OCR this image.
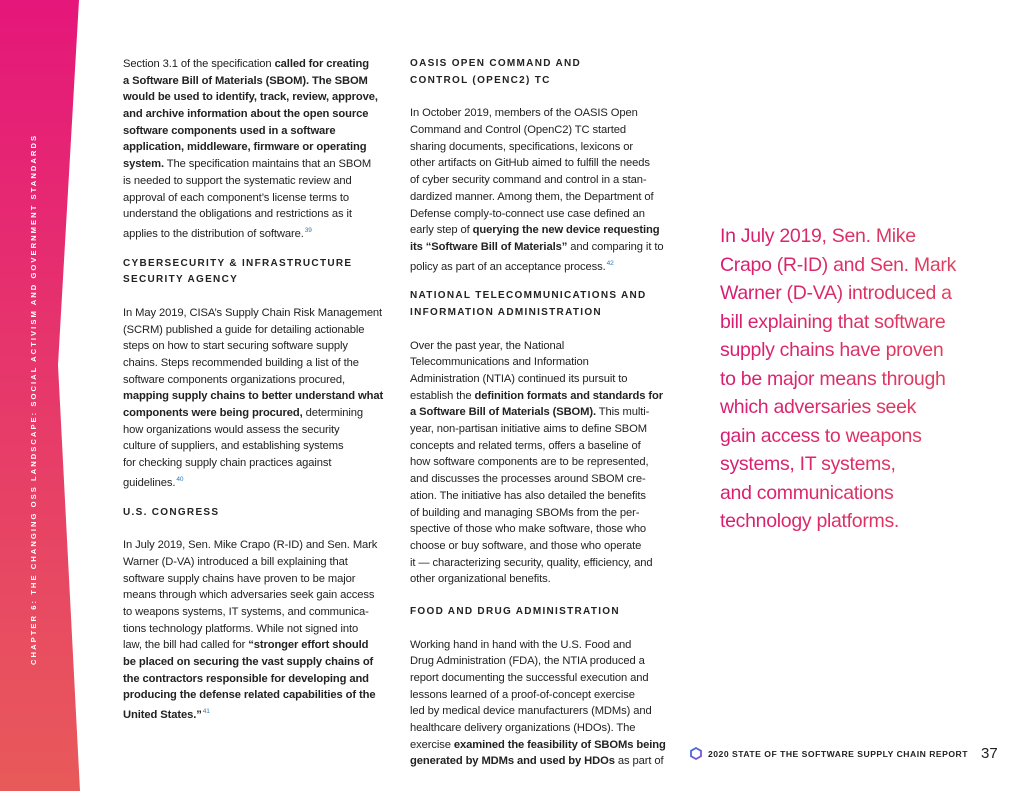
CHAPTER 6: THE CHANGING OSS LANDSCAPE: SOCIAL ACTIVISM AND GOVERNMENT STANDARDS
Section 3.1 of the specification called for creating
a Software Bill of Materials (SBOM). The SBOM
would be used to identify, track, review, approve,
and archive information about the open source
software components used in a software
application, middleware, firmware or operating
system. The specification maintains that an SBOM
is needed to support the systematic review and
approval of each component’s license terms to
understand the obligations and restrictions as it
applies to the distribution of software.$^{39}$
CYBERSECURITY & INFRASTRUCTURE
SECURITY AGENCY
In May 2019, CISA’s Supply Chain Risk Management
(SCRM) published a guide for detailing actionable
steps on how to start securing software supply
chains. Steps recommended building a list of the
software components organizations procured,
mapping supply chains to better understand what
components were being procured, determining
how organizations would assess the security
culture of suppliers, and establishing systems
for checking supply chain practices against
guidelines.$^{40}$
U.S. CONGRESS
In July 2019, Sen. Mike Crapo (R-ID) and Sen. Mark
Warner (D-VA) introduced a bill explaining that
software supply chains have proven to be major
means through which adversaries seek gain access
to weapons systems, IT systems, and communica-
tions technology platforms. While not signed into
law, the bill had called for “stronger effort should
be placed on securing the vast supply chains of
the contractors responsible for developing and
producing the defense related capabilities of the
United States.”$^{41}$
OASIS OPEN COMMAND AND
CONTROL (OPENC2) TC
In October 2019, members of the OASIS Open
Command and Control (OpenC2) TC started
sharing documents, specifications, lexicons or
other artifacts on GitHub aimed to fulfill the needs
of cyber security command and control in a stan-
dardized manner. Among them, the Department of
Defense comply-to-connect use case defined an
early step of querying the new device requesting
its “Software Bill of Materials” and comparing it to
policy as part of an acceptance process.$^{42}$
NATIONAL TELECOMMUNICATIONS AND
INFORMATION ADMINISTRATION
Over the past year, the National
Telecommunications and Information
Administration (NTIA) continued its pursuit to
establish the definition formats and standards for
a Software Bill of Materials (SBOM). This multi-
year, non-partisan initiative aims to define SBOM
concepts and related terms, offers a baseline of
how software components are to be represented,
and discusses the processes around SBOM cre-
ation. The initiative has also detailed the benefits
of building and managing SBOMs from the per-
spective of those who make software, those who
choose or buy software, and those who operate
it — characterizing security, quality, efficiency, and
other organizational benefits.
FOOD AND DRUG ADMINISTRATION
Working hand in hand with the U.S. Food and
Drug Administration (FDA), the NTIA produced a
report documenting the successful execution and
lessons learned of a proof-of-concept exercise
led by medical device manufacturers (MDMs) and
healthcare delivery organizations (HDOs). The
exercise examined the feasibility of SBOMs being
generated by MDMs and used by HDOs as part of
In July 2019, Sen. Mike
Crapo (R-ID) and Sen. Mark
Warner (D-VA) introduced a
bill explaining that software
supply chains have proven
to be major means through
which adversaries seek
gain access to weapons
systems, IT systems,
and communications
technology platforms.
2020 STATE OF THE SOFTWARE SUPPLY CHAIN REPORT 37
